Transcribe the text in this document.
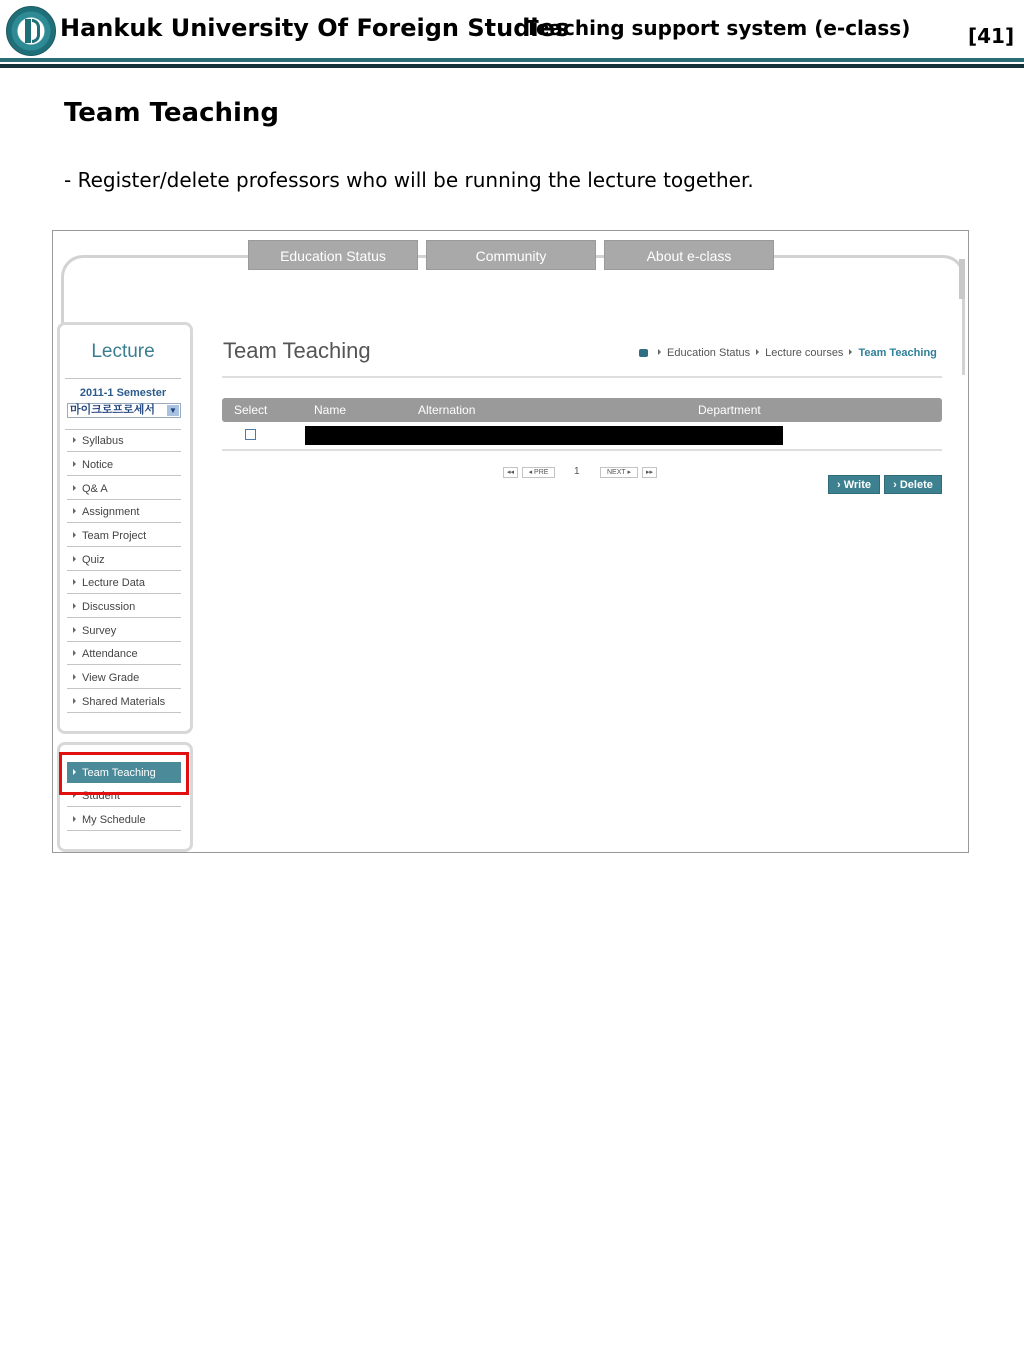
Hankuk University Of Foreign Studies
Teaching support system (e-class)	[41]
Team Teaching
- Register/delete professors who will be running the lecture together.
Education Status	Community	About e-class
Lecture
2011-1 Semester
마이크로프로세서 ▼
Syllabus
Notice
Q& A
Assignment
Team Project
Quiz
Lecture Data
Discussion
Survey
Attendance
View Grade
Shared Materials
Team Teaching
Student
My Schedule
Team Teaching	Education Status Lecture courses Team Teaching
Select	Name	Alternation	Department
◂◂	◂ PRE	1	NEXT ▸	▸▸
› Write	› Delete
